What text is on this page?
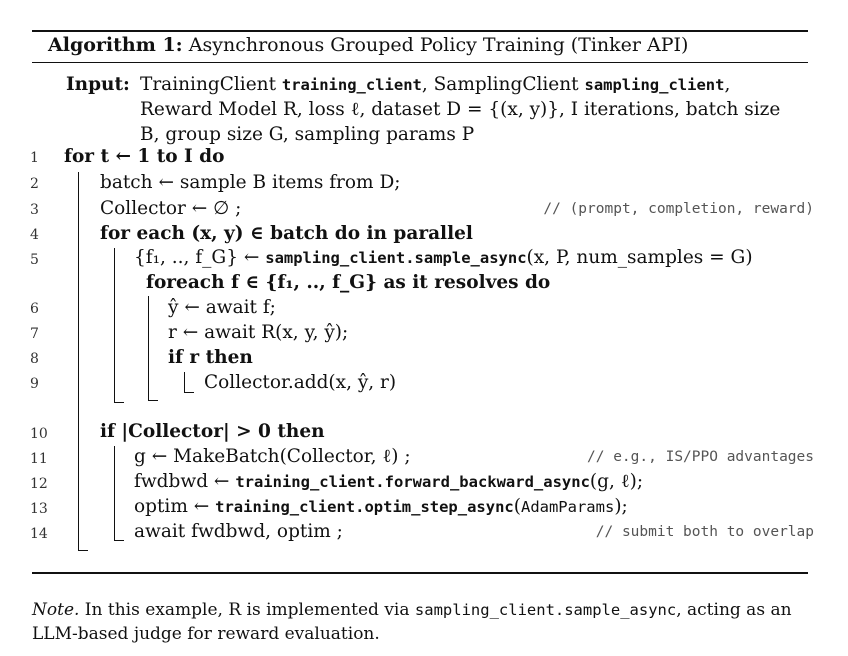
Algorithm 1: Asynchronous Grouped Policy Training (Tinker API)
Input: TrainingClient training_client, SamplingClient sampling_client,
Reward Model R, loss ℓ, dataset D = {(x, y)}, I iterations, batch size
B, group size G, sampling params P
1	for t ← 1 to I do
2	batch ← sample B items from D;
3	Collector ← ∅ ;	// (prompt, completion, reward)
4	for each (x, y) ∈ batch do in parallel
5	{f₁, .., f_G} ← sampling_client.sample_async(x, P, num_samples = G)
foreach f ∈ {f₁, .., f_G} as it resolves do
6	ŷ ← await f;
7	r ← await R(x, y, ŷ);
8	if r then
9	Collector.add(x, ŷ, r)
10	if |Collector| > 0 then
11	g ← MakeBatch(Collector, ℓ) ;	// e.g., IS/PPO advantages
12	fwdbwd ← training_client.forward_backward_async(g, ℓ);
13	optim ← training_client.optim_step_async(AdamParams);
14	await fwdbwd, optim ;	// submit both to overlap
Note. In this example, R is implemented via sampling_client.sample_async, acting as an LLM-based judge for reward evaluation.
